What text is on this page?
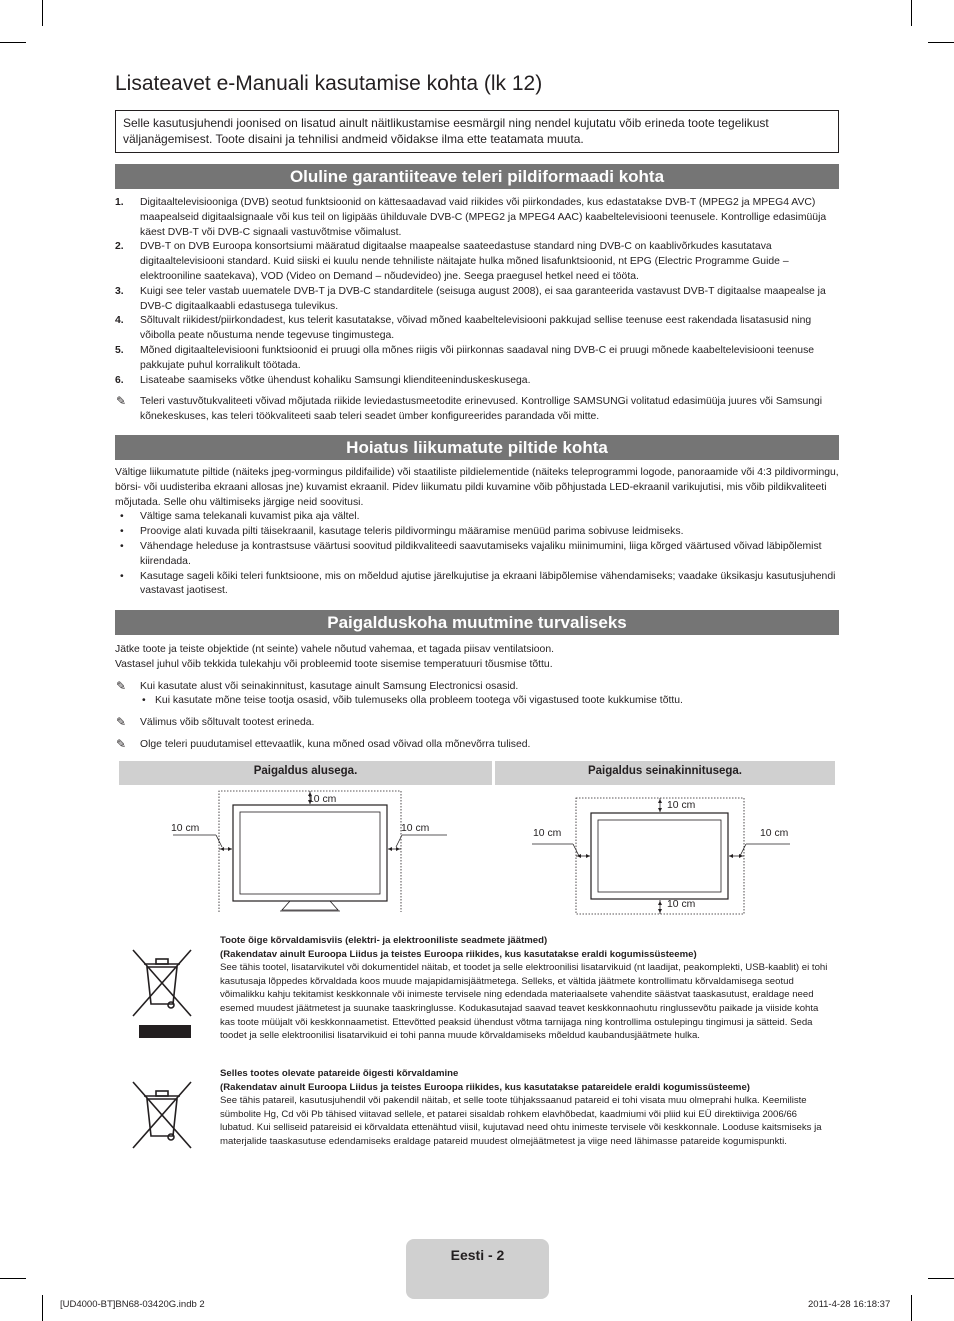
Lisateavet e-Manuali kasutamise kohta (lk 12)
Selle kasutusjuhendi joonised on lisatud ainult näitlikustamise eesmärgil ning nendel kujutatu võib erineda toote tegelikust väljanägemisest. Toote disaini ja tehnilisi andmeid võidakse ilma ette teatamata muuta.
Oluline garantiiteave teleri pildiformaadi kohta
1. Digitaaltelevisiooniga (DVB) seotud funktsioonid on kättesaadavad vaid riikides või piirkondades, kus edastatakse DVB-T (MPEG2 ja MPEG4 AVC) maapealseid digitaalsignaale või kus teil on ligipääs ühilduvale DVB-C (MPEG2 ja MPEG4 AAC) kaabeltelevisiooni teenusele. Kontrollige edasimüüja käest DVB-T või DVB-C signaali vastuvõtmise võimalust.
2. DVB-T on DVB Euroopa konsortsiumi määratud digitaalse maapealse saateedastuse standard ning DVB-C on kaablivõrkudes kasutatava digitaaltelevisiooni standard. Kuid siiski ei kuulu nende tehniliste näitajate hulka mõned lisafunktsioonid, nt EPG (Electric Programme Guide – elektrooniline saatekava), VOD (Video on Demand – nõudevideo) jne. Seega praegusel hetkel need ei tööta.
3. Kuigi see teler vastab uuematele DVB-T ja DVB-C standarditele (seisuga august 2008), ei saa garanteerida vastavust DVB-T digitaalse maapealse ja DVB-C digitaalkaabli edastusega tulevikus.
4. Sõltuvalt riikidest/piirkondadest, kus telerit kasutatakse, võivad mõned kaabeltelevisiooni pakkujad sellise teenuse eest rakendada lisatasusid ning võibolla peate nõustuma nende tegevuse tingimustega.
5. Mõned digitaaltelevisiooni funktsioonid ei pruugi olla mõnes riigis või piirkonnas saadaval ning DVB-C ei pruugi mõnede kaabeltelevisiooni teenuse pakkujate puhul korralikult töötada.
6. Lisateabe saamiseks võtke ühendust kohaliku Samsungi klienditeeninduskeskusega.
✎ Teleri vastuvõtukvaliteeti võivad mõjutada riikide leviedastusmeetodite erinevused. Kontrollige SAMSUNGi volitatud edasimüüja juures või Samsungi kõnekeskuses, kas teleri töökvaliteeti saab teleri seadet ümber konfigureerides parandada või mitte.
Hoiatus liikumatute piltide kohta

Vältige liikumatute piltide (näiteks jpeg-vormingus pildifailide) või staatiliste pildielementide (näiteks teleprogrammi logode, panoraamide või 4:3 pildivormingu, börsi- või uudisteriba ekraani allosas jne) kuvamist ekraanil. Pidev liikumatu pildi kuvamine võib põhjustada LED-ekraanil varikujutisi, mis võib pildikvaliteeti mõjutada. Selle ohu vältimiseks järgige neid soovitusi.

• Vältige sama telekanali kuvamist pika aja vältel.
• Proovige alati kuvada pilti täisekraanil, kasutage teleris pildivormingu määramise menüüd parima sobivuse leidmiseks.
• Vähendage heleduse ja kontrastsuse väärtusi soovitud pildikvaliteedi saavutamiseks vajaliku miinimumini, liiga kõrged väärtused võivad läbipõlemist kiirendada.
• Kasutage sageli kõiki teleri funktsioone, mis on mõeldud ajutise järelkujutise ja ekraani läbipõlemise vähendamiseks; vaadake üksikasju kasutusjuhendi vastavast jaotisest.
Paigalduskoha muutmine turvaliseks

Jätke toote ja teiste objektide (nt seinte) vahele nõutud vahemaa, et tagada piisav ventilatsioon.

Vastasel juhul võib tekkida tulekahju või probleemid toote sisemise temperatuuri tõusmise tõttu.

✎ Kui kasutate alust või seinakinnitust, kasutage ainult Samsung Electronicsi osasid.
• Kui kasutate mõne teise tootja osasid, võib tulemuseks olla probleem tootega või vigastused toote kukkumise tõttu.
✎ Välimus võib sõltuvalt tootest erineda.
✎ Olge teleri puudutamisel ettevaatlik, kuna mõned osad võivad olla mõnevõrra tulised.
Paigaldus alusega.	Paigaldus seinakinnitusega.
10 cm
10 cm	10 cm
10 cm
10 cm	10 cm
10 cm

Toote õige kõrvaldamisviis (elektri- ja elektrooniliste seadmete jäätmed)

(Rakendatav ainult Euroopa Liidus ja teistes Euroopa riikides, kus kasutatakse eraldi kogumissüsteeme)

See tähis tootel, lisatarvikutel või dokumentidel näitab, et toodet ja selle elektroonilisi lisatarvikuid (nt laadijat, peakomplekti, USB-kaablit) ei tohi kasutusaja lõppedes kõrvaldada koos muude majapidamisjäätmetega. Selleks, et vältida jäätmete kontrollimatu kõrvaldamisega seotud võimalikku kahju tekitamist keskkonnale või inimeste tervisele ning edendada materiaalsete vahendite säästvat taaskasutust, eraldage need esemed muudest jäätmetest ja suunake taaskringlusse. Kodukasutajad saavad teavet keskkonnaohutu ringlussevõtu paikade ja viiside kohta kas toote müüjalt või keskkonnaametist. Ettevõtted peaksid ühendust võtma tarnijaga ning kontrollima ostulepingu tingimusi ja sätteid. Seda toodet ja selle elektroonilisi lisatarvikuid ei tohi panna muude kõrvaldamiseks mõeldud kaubandusjäätmete hulka.

Selles tootes olevate patareide õigesti kõrvaldamine

(Rakendatav ainult Euroopa Liidus ja teistes Euroopa riikides, kus kasutatakse patareidele eraldi kogumissüsteeme)

See tähis patareil, kasutusjuhendil või pakendil näitab, et selle toote tühjakssaanud patareid ei tohi visata muu olmeprahi hulka. Keemiliste sümbolite Hg, Cd või Pb tähised viitavad sellele, et patarei sisaldab rohkem elavhõbedat, kaadmiumi või pliid kui EÜ direktiiviga 2006/66 lubatud. Kui selliseid patareisid ei kõrvaldata ettenähtud viisil, kujutavad need ohtu inimeste tervisele või keskkonnale. Looduse kaitsmiseks ja materjalide taaskasutuse edendamiseks eraldage patareid muudest olmejäätmetest ja viige need lähimasse patareide kogumispunkti.

Eesti - 2
[UD4000-BT]BN68-03420G.indb 2	2011-4-28 16:18:37
